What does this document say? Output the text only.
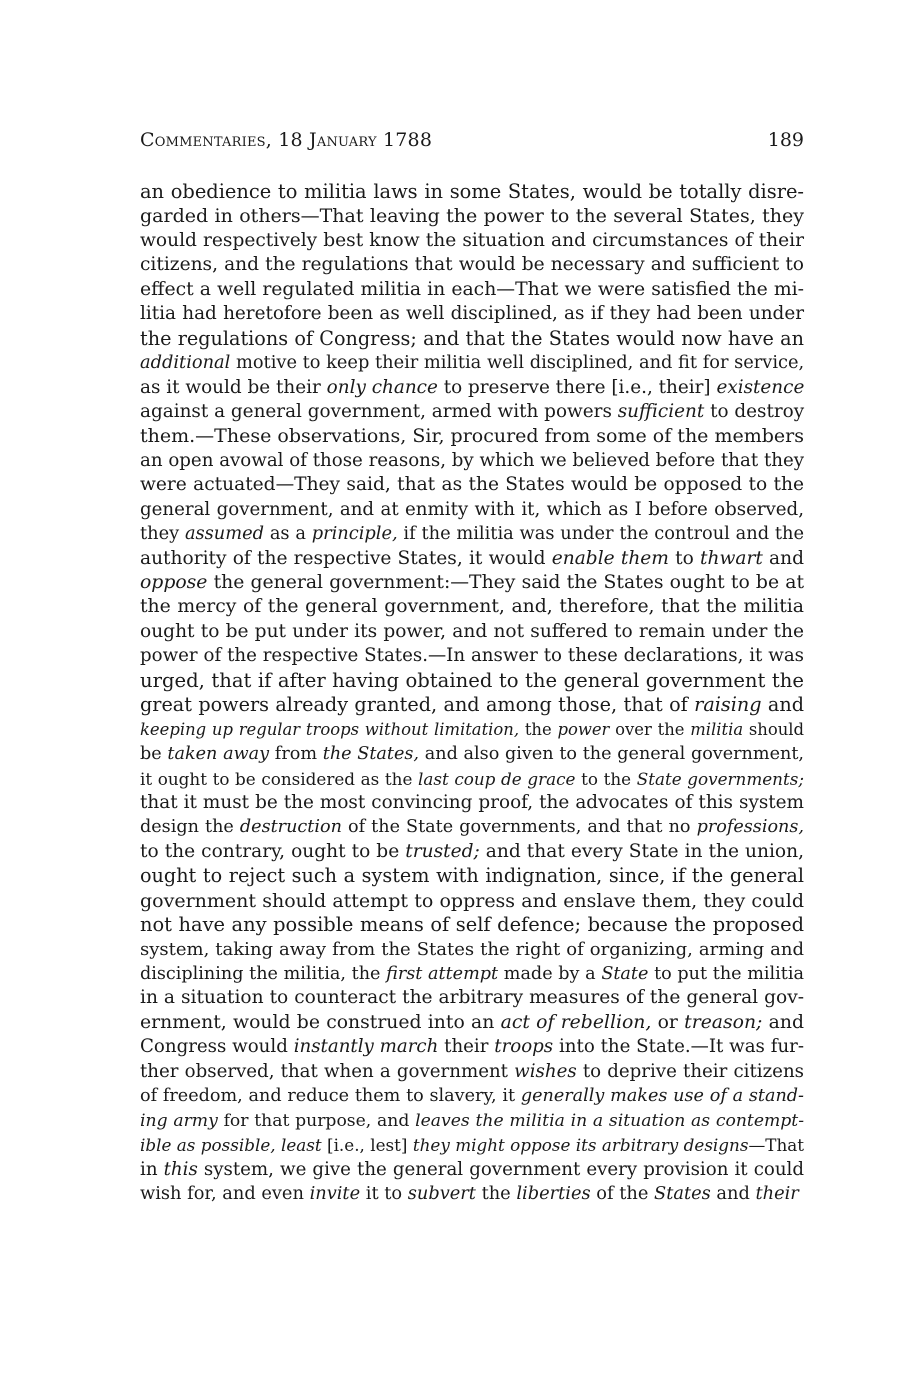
Commentaries, 18 January 1788	189
an obedience to militia laws in some States, would be totally disre-
garded in others—That leaving the power to the several States, they
would respectively best know the situation and circumstances of their
citizens, and the regulations that would be necessary and sufficient to
effect a well regulated militia in each—That we were satisfied the mi-
litia had heretofore been as well disciplined, as if they had been under
the regulations of Congress; and that the States would now have an
additional motive to keep their militia well disciplined, and fit for service,
as it would be their only chance to preserve there [i.e., their] existence
against a general government, armed with powers sufficient to destroy
them.—These observations, Sir, procured from some of the members
an open avowal of those reasons, by which we believed before that they
were actuated—They said, that as the States would be opposed to the
general government, and at enmity with it, which as I before observed,
they assumed as a principle, if the militia was under the controul and the
authority of the respective States, it would enable them to thwart and
oppose the general government:—They said the States ought to be at
the mercy of the general government, and, therefore, that the militia
ought to be put under its power, and not suffered to remain under the
power of the respective States.—In answer to these declarations, it was
urged, that if after having obtained to the general government the
great powers already granted, and among those, that of raising and
keeping up regular troops without limitation, the power over the militia should
be taken away from the States, and also given to the general government,
it ought to be considered as the last coup de grace to the State governments;
that it must be the most convincing proof, the advocates of this system
design the destruction of the State governments, and that no professions,
to the contrary, ought to be trusted; and that every State in the union,
ought to reject such a system with indignation, since, if the general
government should attempt to oppress and enslave them, they could
not have any possible means of self defence; because the proposed
system, taking away from the States the right of organizing, arming and
disciplining the militia, the first attempt made by a State to put the militia
in a situation to counteract the arbitrary measures of the general gov-
ernment, would be construed into an act of rebellion, or treason; and
Congress would instantly march their troops into the State.—It was fur-
ther observed, that when a government wishes to deprive their citizens
of freedom, and reduce them to slavery, it generally makes use of a stand-
ing army for that purpose, and leaves the militia in a situation as contempt-
ible as possible, least [i.e., lest] they might oppose its arbitrary designs—That
in this system, we give the general government every provision it could
wish for, and even invite it to subvert the liberties of the States and their
